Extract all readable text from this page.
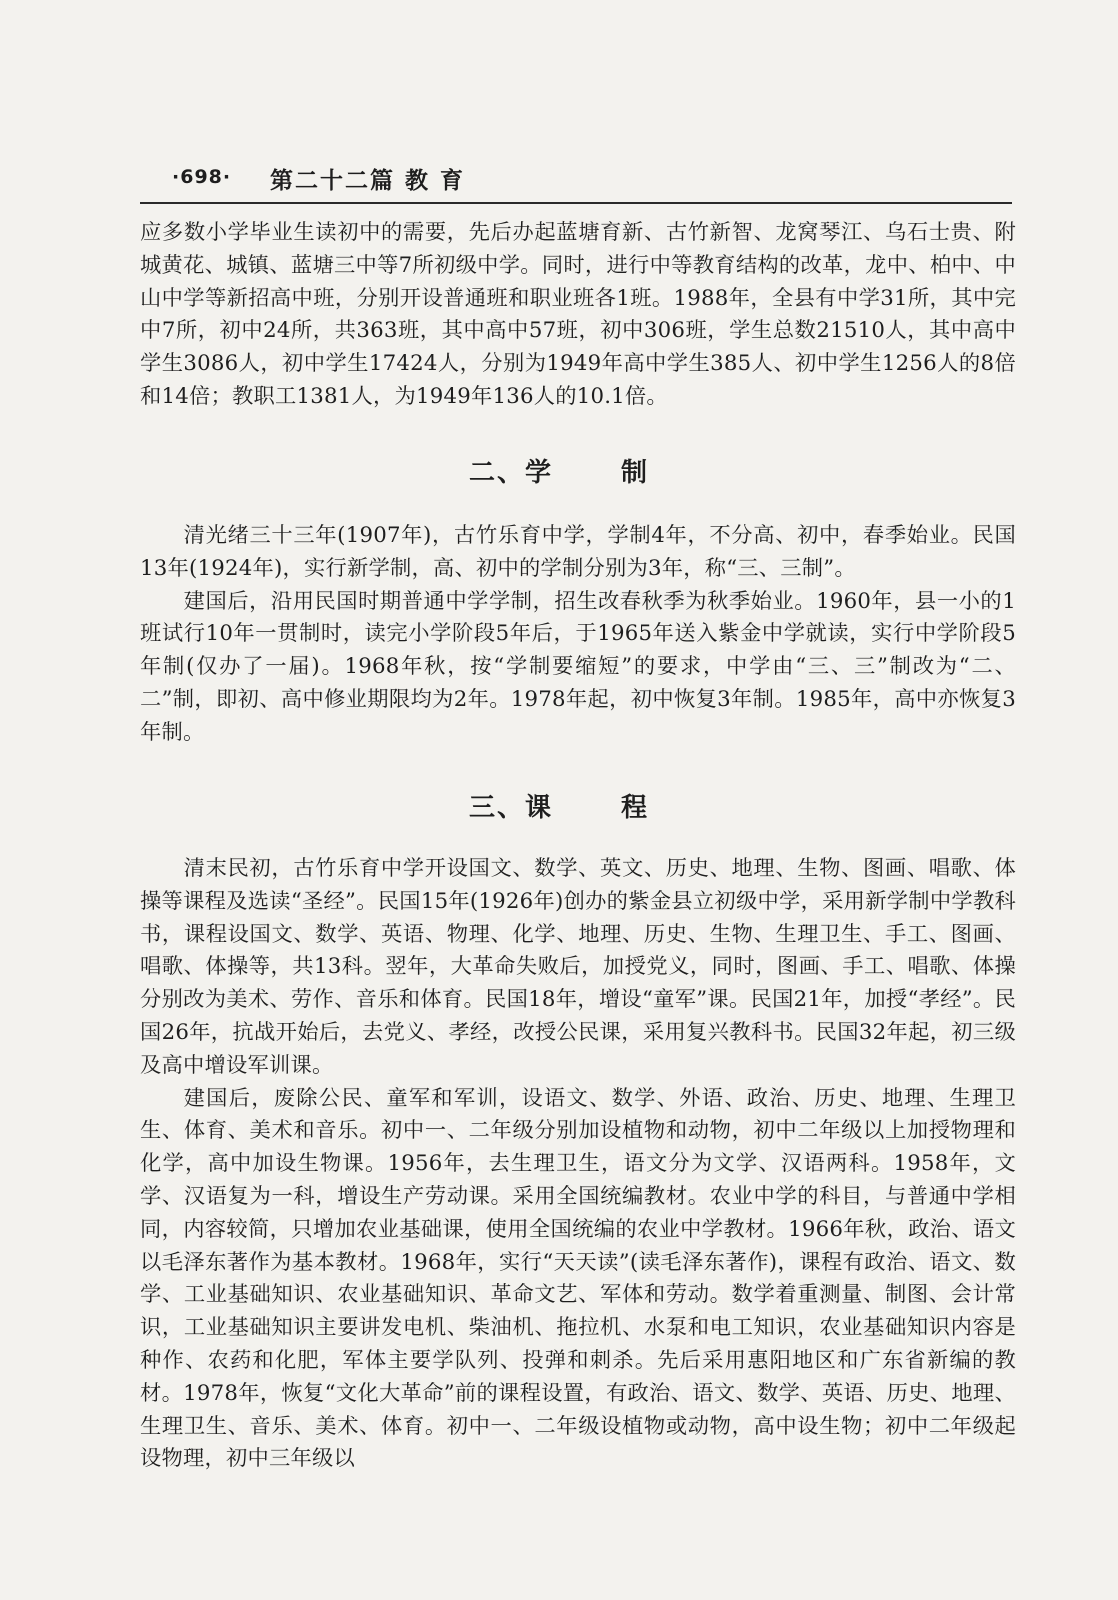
·698· 第二十二篇 教 育

应多数小学毕业生读初中的需要，先后办起蓝塘育新、古竹新智、龙窝琴江、乌石士贵、附城黄花、城镇、蓝塘三中等7所初级中学。同时，进行中等教育结构的改革，龙中、柏中、中山中学等新招高中班，分别开设普通班和职业班各1班。1988年，全县有中学31所，其中完中7所，初中24所，共363班，其中高中57班，初中306班，学生总数21510人，其中高中学生3086人，初中学生17424人，分别为1949年高中学生385人、初中学生1256人的8倍和14倍；教职工1381人，为1949年136人的10.1倍。

二、学	制

清光绪三十三年(1907年)，古竹乐育中学，学制4年，不分高、初中，春季始业。民国13年(1924年)，实行新学制，高、初中的学制分别为3年，称“三、三制”。

建国后，沿用民国时期普通中学学制，招生改春秋季为秋季始业。1960年，县一小的1班试行10年一贯制时，读完小学阶段5年后，于1965年送入紫金中学就读，实行中学阶段5年制(仅办了一届)。1968年秋，按“学制要缩短”的要求，中学由“三、三”制改为“二、二”制，即初、高中修业期限均为2年。1978年起，初中恢复3年制。1985年，高中亦恢复3年制。

三、课	程

清末民初，古竹乐育中学开设国文、数学、英文、历史、地理、生物、图画、唱歌、体操等课程及选读“圣经”。民国15年(1926年)创办的紫金县立初级中学，采用新学制中学教科书，课程设国文、数学、英语、物理、化学、地理、历史、生物、生理卫生、手工、图画、唱歌、体操等，共13科。翌年，大革命失败后，加授党义，同时，图画、手工、唱歌、体操分别改为美术、劳作、音乐和体育。民国18年，增设“童军”课。民国21年，加授“孝经”。民国26年，抗战开始后，去党义、孝经，改授公民课，采用复兴教科书。民国32年起，初三级及高中增设军训课。

建国后，废除公民、童军和军训，设语文、数学、外语、政治、历史、地理、生理卫生、体育、美术和音乐。初中一、二年级分别加设植物和动物，初中二年级以上加授物理和化学，高中加设生物课。1956年，去生理卫生，语文分为文学、汉语两科。1958年，文学、汉语复为一科，增设生产劳动课。采用全国统编教材。农业中学的科目，与普通中学相同，内容较简，只增加农业基础课，使用全国统编的农业中学教材。1966年秋，政治、语文以毛泽东著作为基本教材。1968年，实行“天天读”(读毛泽东著作)，课程有政治、语文、数学、工业基础知识、农业基础知识、革命文艺、军体和劳动。数学着重测量、制图、会计常识，工业基础知识主要讲发电机、柴油机、拖拉机、水泵和电工知识，农业基础知识内容是种作、农药和化肥，军体主要学队列、投弹和刺杀。先后采用惠阳地区和广东省新编的教材。1978年，恢复“文化大革命”前的课程设置，有政治、语文、数学、英语、历史、地理、生理卫生、音乐、美术、体育。初中一、二年级设植物或动物，高中设生物；初中二年级起设物理，初中三年级以
